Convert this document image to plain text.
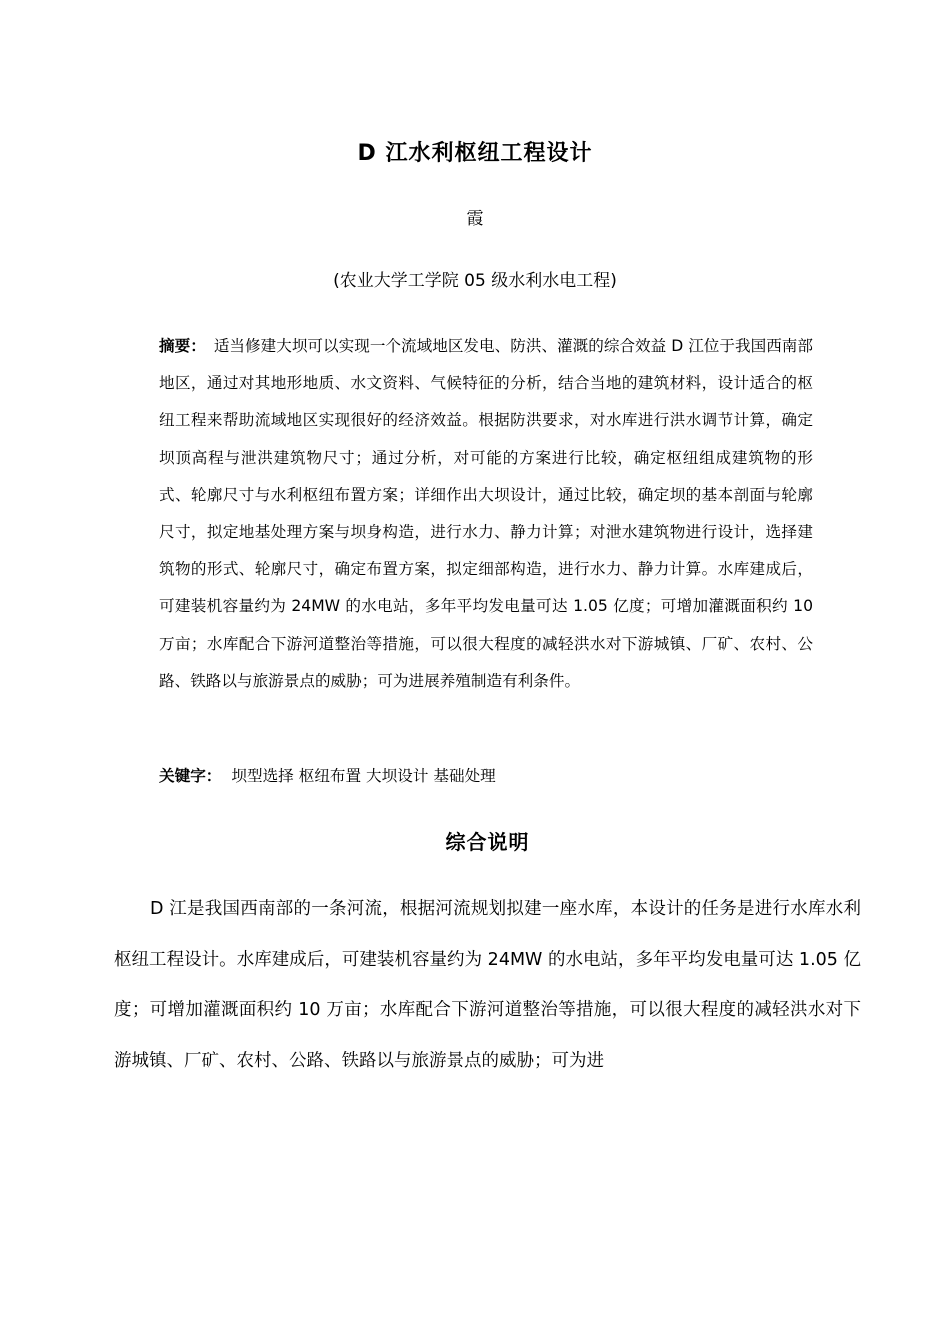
D 江水利枢纽工程设计
霞
(农业大学工学院 05 级水利水电工程)
摘要： 适当修建大坝可以实现一个流域地区发电、防洪、灌溉的综合效益 D 江位于我国西南部地区，通过对其地形地质、水文资料、气候特征的分析，结合当地的建筑材料，设计适合的枢纽工程来帮助流域地区实现很好的经济效益。根据防洪要求，对水库进行洪水调节计算，确定坝顶高程与泄洪建筑物尺寸；通过分析，对可能的方案进行比较，确定枢纽组成建筑物的形式、轮廓尺寸与水利枢纽布置方案；详细作出大坝设计，通过比较，确定坝的基本剖面与轮廓尺寸，拟定地基处理方案与坝身构造，进行水力、静力计算；对泄水建筑物进行设计，选择建筑物的形式、轮廓尺寸，确定布置方案，拟定细部构造，进行水力、静力计算。水库建成后，可建装机容量约为 24MW 的水电站，多年平均发电量可达 1.05 亿度；可增加灌溉面积约 10 万亩；水库配合下游河道整治等措施，可以很大程度的减轻洪水对下游城镇、厂矿、农村、公路、铁路以与旅游景点的威胁；可为进展养殖制造有利条件。
关键字： 坝型选择 枢纽布置 大坝设计 基础处理
综合说明
D 江是我国西南部的一条河流，根据河流规划拟建一座水库，本设计的任务是进行水库水利枢纽工程设计。水库建成后，可建装机容量约为 24MW 的水电站，多年平均发电量可达 1.05 亿度；可增加灌溉面积约 10 万亩；水库配合下游河道整治等措施，可以很大程度的减轻洪水对下游城镇、厂矿、农村、公路、铁路以与旅游景点的威胁；可为进
